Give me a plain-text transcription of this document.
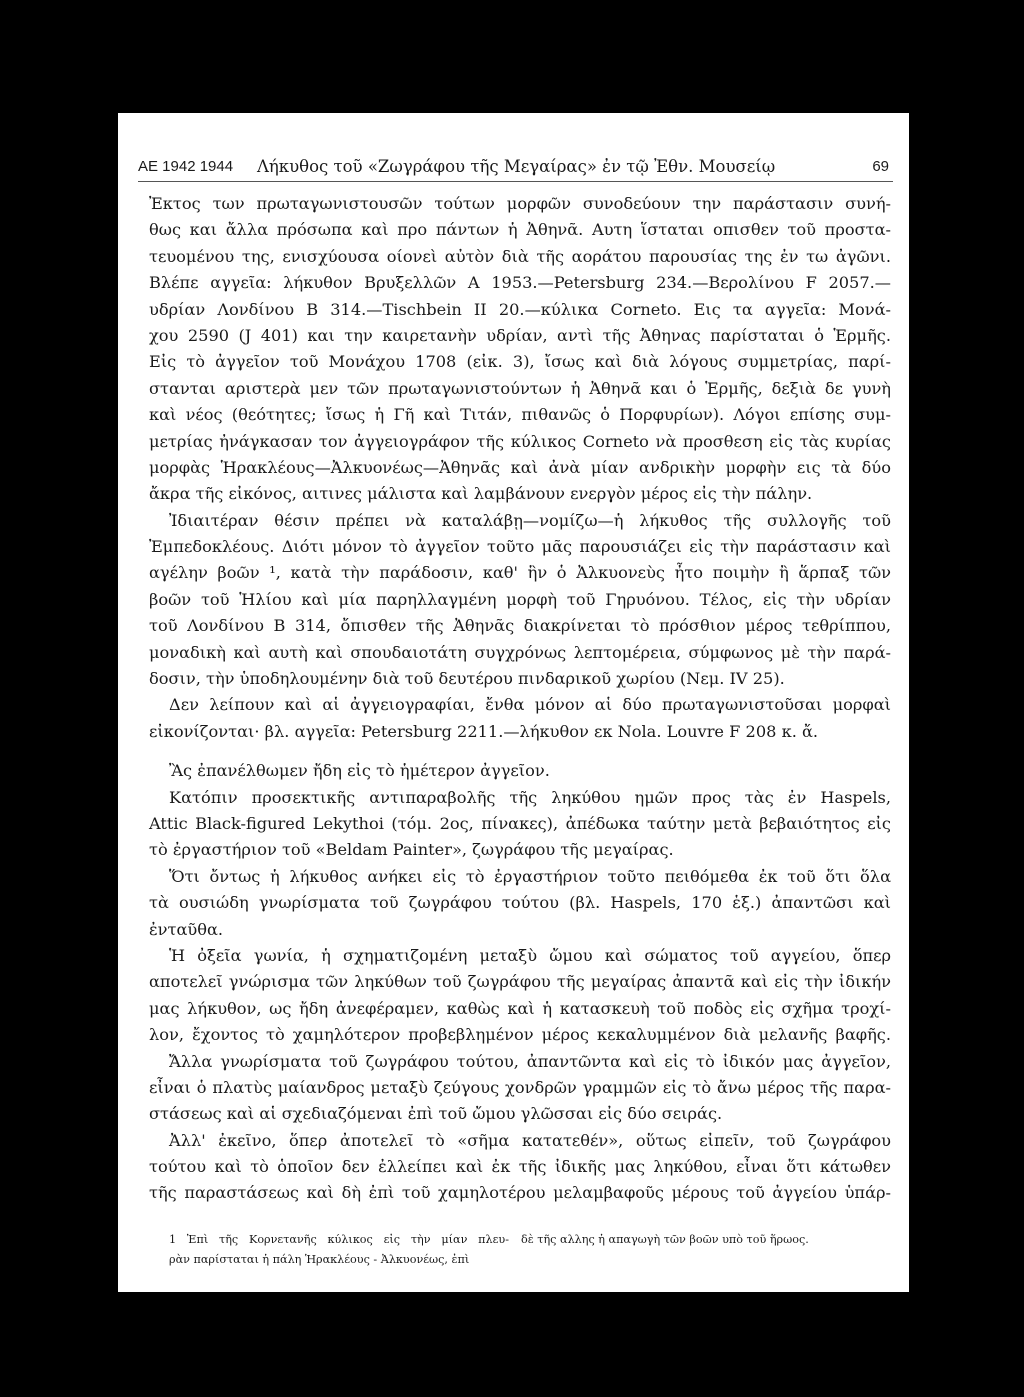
ΑΕ 1942 1944 Λήκυθος τοῦ «Ζωγράφου τῆς Μεγαίρας» ἐν τῷ Ἐθν. Μουσείῳ	69
Ἐκτος των πρωταγωνιστουσῶν τούτων μορφῶν συνοδεύουν την παράστασιν συνή-
θως και ἄλλα πρόσωπα καὶ προ πάντων ἡ Ἀθηνᾶ. Αυτη ἵσταται οπισθεν τοῦ προστα-
τευομένου της, ενισχύουσα οίονεὶ αὐτὸν διὰ τῆς αοράτου παρουσίας της ἐν τω ἀγῶνι.
Βλέπε αγγεῖα: λήκυθον Βρυξελλῶν Α 1953.—Petersburg 234.—Βερολίνου F 2057.—
υδρίαν Λονδίνου Β 314.—Tischbein II 20.—κύλικα Corneto. Εις τα αγγεῖα: Μονά-
χου 2590 (J 401) και την καιρετανὴν υδρίαν, αντὶ τῆς Ἀθηνας παρίσταται ὁ Ἑρμῆς.
Εἰς τὸ ἀγγεῖον τοῦ Μονάχου 1708 (εἰκ. 3), ἴσως καὶ διὰ λόγους συμμετρίας, παρί-
στανται αριστερὰ μεν τῶν πρωταγωνιστούντων ἡ Ἀθηνᾶ και ὁ Ἑρμῆς, δεξιὰ δε γυνὴ
καὶ νέος (θεότητες; ἴσως ἡ Γῆ καὶ Τιτάν, πιθανῶς ὁ Πορφυρίων). Λόγοι επίσης συμ-
μετρίας ἠνάγκασαν τον ἀγγειογράφον τῆς κύλικος Corneto νὰ προσθεση εἰς τὰς κυρίας
μορφὰς Ἡρακλέους—Ἀλκυονέως—Ἀθηνᾶς καὶ ἀνὰ μίαν ανδρικὴν μορφὴν εις τὰ δύο
ἄκρα τῆς εἰκόνος, αιτινες μάλιστα καὶ λαμβάνουν ενεργὸν μέρος εἰς τὴν πάλην.
Ἰδιαιτέραν θέσιν πρέπει νὰ καταλάβῃ—νομίζω—ἡ λήκυθος τῆς συλλογῆς τοῦ
Ἐμπεδοκλέους. Διότι μόνον τὸ ἀγγεῖον τοῦτο μᾶς παρουσιάζει εἰς τὴν παράστασιν καὶ
αγέλην βοῶν ¹, κατὰ τὴν παράδοσιν, καθ' ἣν ὁ Ἀλκυονεὺς ἦτο ποιμὴν ἢ ἅρπαξ τῶν
βοῶν τοῦ Ἡλίου καὶ μία παρηλλαγμένη μορφὴ τοῦ Γηρυόνου. Τέλος, εἰς τὴν υδρίαν
τοῦ Λονδίνου Β 314, ὄπισθεν τῆς Ἀθηνᾶς διακρίνεται τὸ πρόσθιον μέρος τεθρίππου,
μοναδικὴ καὶ αυτὴ καὶ σπουδαιοτάτη συγχρόνως λεπτομέρεια, σύμφωνος μὲ τὴν παρά-
δοσιν, τὴν ὑποδηλουμένην διὰ τοῦ δευτέρου πινδαρικοῦ χωρίου (Νεμ. IV 25).
Δεν λείπουν καὶ αἱ ἀγγειογραφίαι, ἔνθα μόνον αἱ δύο πρωταγωνιστοῦσαι μορφαὶ
εἰκονίζονται· βλ. αγγεῖα: Petersburg 2211.—λήκυθον εκ Nola. Louvre F 208 κ. ἄ.
Ἂς ἐπανέλθωμεν ἤδη εἰς τὸ ἡμέτερον ἀγγεῖον.
Κατόπιν προσεκτικῆς αντιπαραβολῆς τῆς ληκύθου ημῶν προς τὰς ἐν Haspels,
Attic Black-figured Lekythoi (τόμ. 2ος, πίνακες), ἀπέδωκα ταύτην μετὰ βεβαιότητος εἰς
τὸ ἐργαστήριον τοῦ «Beldam Painter», ζωγράφου τῆς μεγαίρας.
Ὅτι ὄντως ἡ λήκυθος ανήκει εἰς τὸ ἐργαστήριον τοῦτο πειθόμεθα ἐκ τοῦ ὅτι ὅλα
τὰ ουσιώδη γνωρίσματα τοῦ ζωγράφου τούτου (βλ. Haspels, 170 ἑξ.) ἀπαντῶσι καὶ
ἐνταῦθα.
Ἡ ὀξεῖα γωνία, ἡ σχηματιζομένη μεταξὺ ὤμου καὶ σώματος τοῦ αγγείου, ὅπερ
αποτελεῖ γνώρισμα τῶν ληκύθων τοῦ ζωγράφου τῆς μεγαίρας ἀπαντᾶ καὶ εἰς τὴν ἰδικήν
μας λήκυθον, ως ἤδη ἀνεφέραμεν, καθὼς καὶ ἡ κατασκευὴ τοῦ ποδὸς εἰς σχῆμα τροχί-
λον, ἔχοντος τὸ χαμηλότερον προβεβλημένον μέρος κεκαλυμμένον διὰ μελανῆς βαφῆς.
Ἄλλα γνωρίσματα τοῦ ζωγράφου τούτου, ἀπαντῶντα καὶ εἰς τὸ ἰδικόν μας ἀγγεῖον,
εἶναι ὁ πλατὺς μαίανδρος μεταξὺ ζεύγους χονδρῶν γραμμῶν εἰς τὸ ἄνω μέρος τῆς παρα-
στάσεως καὶ αἱ σχεδιαζόμεναι ἐπὶ τοῦ ὤμου γλῶσσαι εἰς δύο σειράς.
Ἀλλ' ἐκεῖνο, ὅπερ ἀποτελεῖ τὸ «σῆμα κατατεθέν», οὕτως εἰπεῖν, τοῦ ζωγράφου
τούτου καὶ τὸ ὁποῖον δεν ἐλλείπει καὶ ἐκ τῆς ἰδικῆς μας ληκύθου, εἶναι ὅτι κάτωθεν
τῆς παραστάσεως καὶ δὴ ἐπὶ τοῦ χαμηλοτέρου μελαμβαφοῦς μέρους τοῦ ἀγγείου ὑπάρ-
1 Ἐπὶ τῆς Κορνετανῆς κύλικος εἰς τὴν μίαν πλευ-
ρὰν παρίσταται ἡ πάλη Ἡρακλέους - Ἀλκυονέως, ἐπὶ
δὲ τῆς αλλης ἡ απαγωγὴ τῶν βοῶν υπὸ τοῦ ἥρωος.
